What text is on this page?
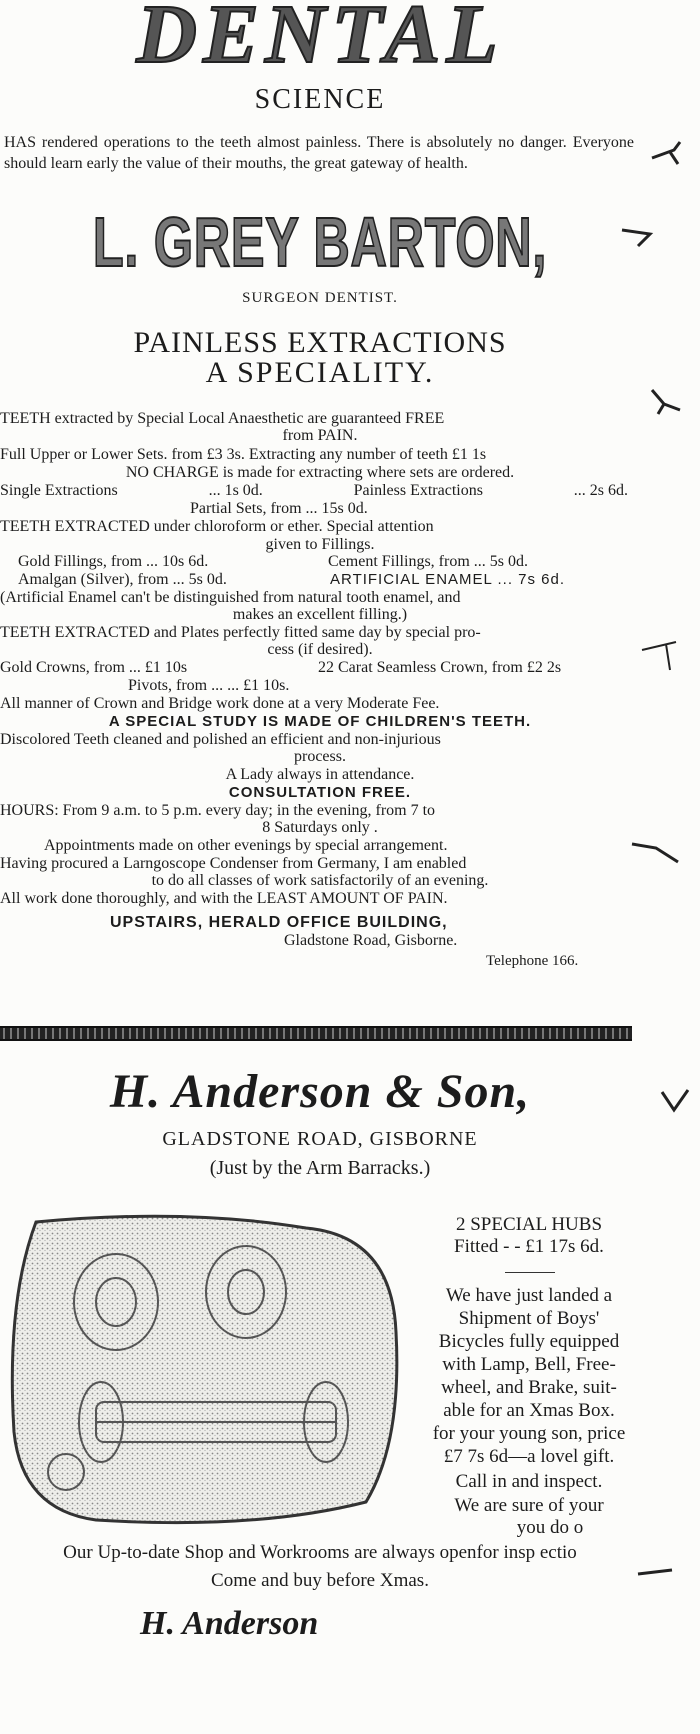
DENTAL
SCIENCE
HAS rendered operations to the teeth almost painless. There is absolutely no danger. Everyone should learn early the value of their mouths, the great gateway of health.
L. GREY BARTON,
SURGEON DENTIST.
PAINLESS EXTRACTIONS
A SPECIALITY.
TEETH extracted by Special Local Anaesthetic are guaranteed FREE
from PAIN.
Full Upper or Lower Sets. from £3 3s. Extracting any number of teeth £1 1s
NO CHARGE is made for extracting where sets are ordered.
Single Extractions	... 1s 0d.	Painless Extractions	... 2s 6d.
Partial Sets, from ... 15s 0d.
TEETH EXTRACTED under chloroform or ether. Special attention
given to Fillings.
Gold Fillings, from ... 10s 6d.	Cement Fillings, from ... 5s 0d.
Amalgan (Silver), from ... 5s 0d.	ARTIFICIAL ENAMEL ... 7s 6d.
(Artificial Enamel can't be distinguished from natural tooth enamel, and
makes an excellent filling.)
TEETH EXTRACTED and Plates perfectly fitted same day by special pro-
cess (if desired).
Gold Crowns, from ... £1 10s	22 Carat Seamless Crown, from £2 2s
Pivots, from ... ... £1 10s.
All manner of Crown and Bridge work done at a very Moderate Fee.
A SPECIAL STUDY IS MADE OF CHILDREN'S TEETH.
Discolored Teeth cleaned and polished an efficient and non-injurious
process.
A Lady always in attendance.
CONSULTATION FREE.
HOURS: From 9 a.m. to 5 p.m. every day; in the evening, from 7 to
8 Saturdays only .
Appointments made on other evenings by special arrangement.
Having procured a Larngoscope Condenser from Germany, I am enabled
to do all classes of work satisfactorily of an evening.
All work done thoroughly, and with the LEAST AMOUNT OF PAIN.
UPSTAIRS, HERALD OFFICE BUILDING,
Gladstone Road, Gisborne.
Telephone 166.
H. Anderson & Son,
GLADSTONE ROAD, GISBORNE
(Just by the Arm Barracks.)
2 SPECIAL HUBS
Fitted - - £1 17s 6d.
We have just landed a
Shipment of Boys'
Bicycles fully equipped
with Lamp, Bell, Free-
wheel, and Brake, suit-
able for an Xmas Box.
for your young son, price
£7 7s 6d—a lovel gift.
Call in and inspect.
We are sure of your
you do o
Our Up-to-date Shop and Workrooms are always openfor insp ectio
Come and buy before Xmas.
H. Anderson
